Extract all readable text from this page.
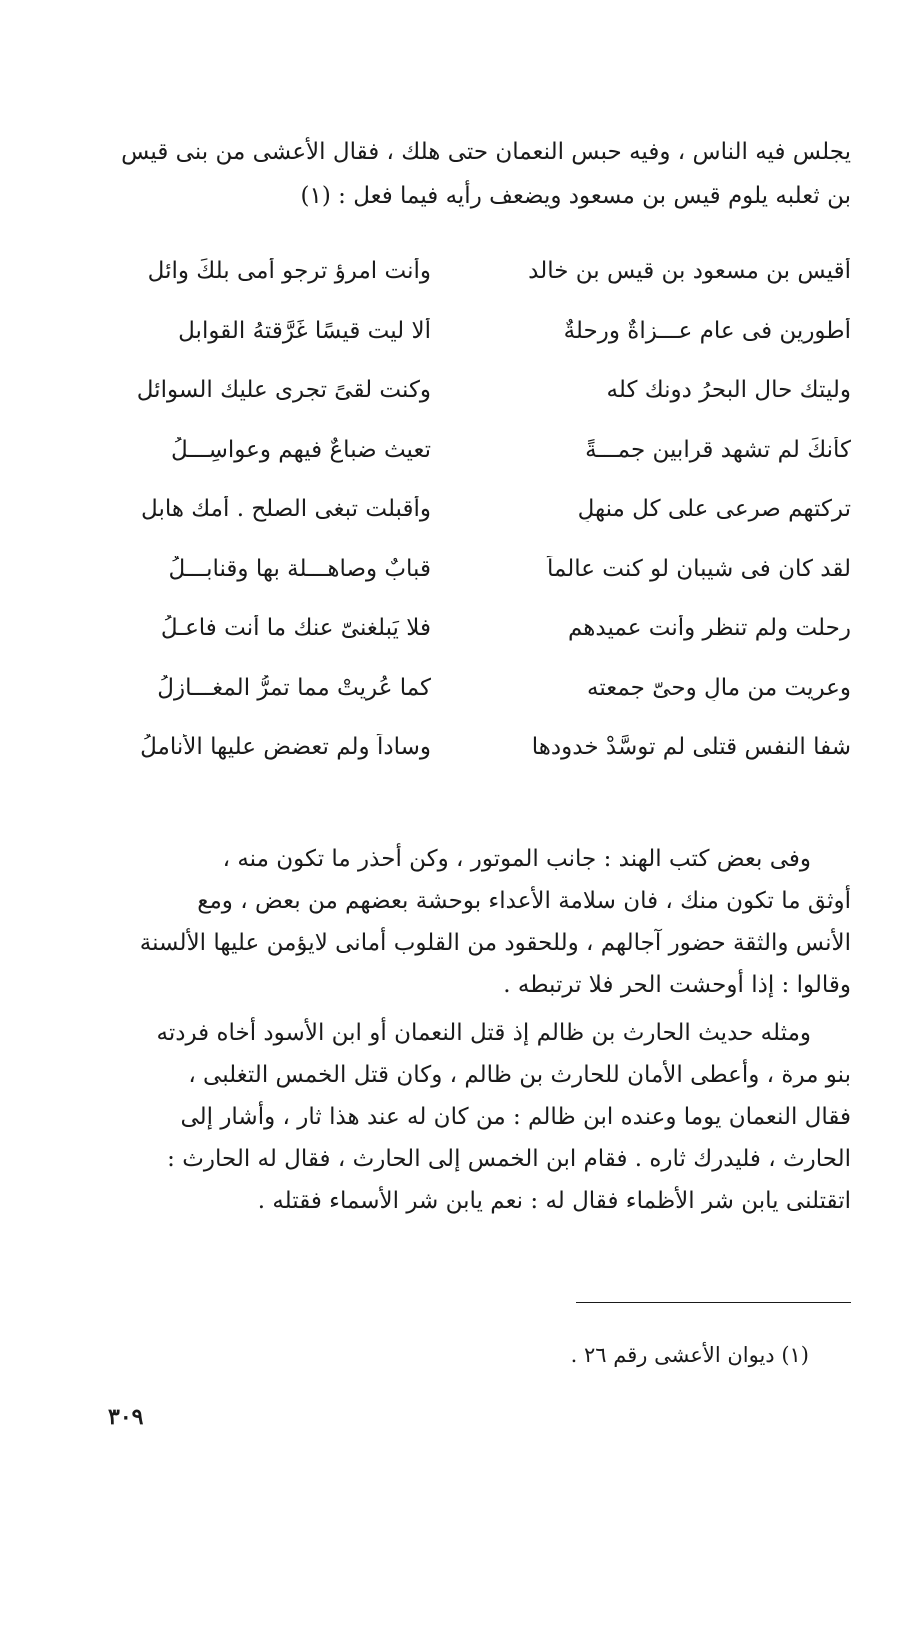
يجلس فيه الناس ، وفيه حبس النعمان حتى هلك ، فقال الأعشى من بنى قيس

بن ثعلبه يلوم قيس بن مسعود ويضعف رأيه فيما فعل : (١)

أقيس بن مسعود بن قيس بن خالد
وأنت امرؤ ترجو أمى بلكَ وائل
أطورين فى عام عـــزاةٌ ورحلةٌ
ألا ليت قيسًا غَرَّقتهُ القوابل
وليتك حال البحرُ دونك كله
وكنت لقىً تجرى عليك السوائل
كأنكَ لم تشهد قرابين جمـــةً
تعيث ضباعٌ فيهم وعواسِـــلُ
تركتهم صرعى على كل منهلٍ
وأقبلت تبغى الصلح . أمك هابل
لقد كان فى شيبان لو كنت عالماً
قبابٌ وصاهـــلة بها وقنابـــلُ
رحلت ولم تنظر وأنت عميدهم
فلا يَبلغنىّ عنك ما أنت فاعـلُ
وعريت من مالٍ وحىّ جمعته
كما عُريتْ مما تمرُّ المغـــازلُ
شفا النفس قتلى لم توسَّدْ خدودها
وساداً ولم تعضض عليها الأناملُ
وفى بعض كتب الهند : جانب الموتور ، وكن أحذر ما تكون منه ،
أوثق ما تكون منك ، فان سلامة الأعداء بوحشة بعضهم من بعض ، ومع
الأنس والثقة حضور آجالهم ، وللحقود من القلوب أمانى لايؤمن عليها الألسنة
وقالوا : إذا أوحشت الحر فلا ترتبطه .
ومثله حديث الحارث بن ظالم إذ قتل النعمان أو ابن الأسود أخاه فردته
بنو مرة ، وأعطى الأمان للحارث بن ظالم ، وكان قتل الخمس التغلبى ،
فقال النعمان يوما وعنده ابن ظالم : من كان له عند هذا ثار ، وأشار إلى
الحارث ، فليدرك ثاره . فقام ابن الخمس إلى الحارث ، فقال له الحارث :
اتقتلنى يابن شر الأظماء فقال له : نعم يابن شر الأسماء فقتله .
(١) ديوان الأعشى رقم ٢٦ .
٣٠٩
